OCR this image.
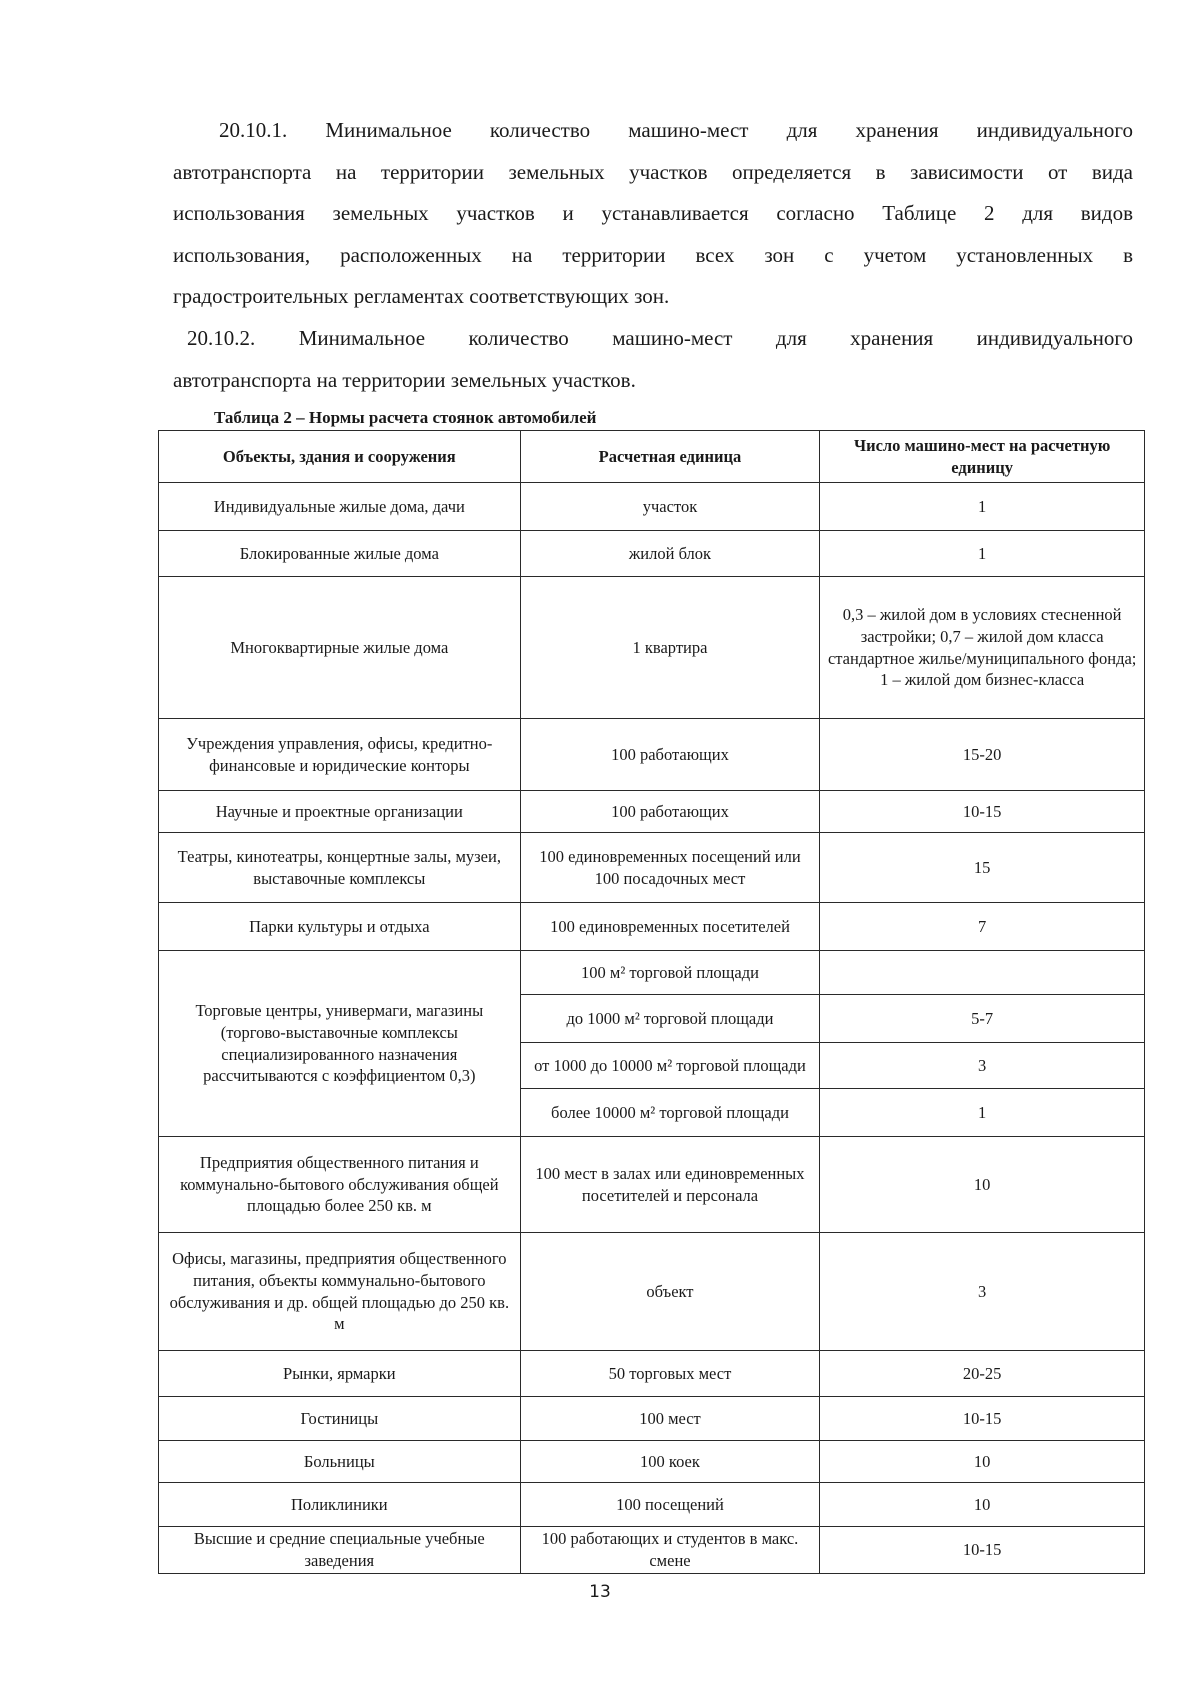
20.10.1. Минимальное количество машино-мест для хранения индивидуального
автотранспорта на территории земельных участков определяется в зависимости от вида
использования земельных участков и устанавливается согласно Таблице 2 для видов
использования, расположенных на территории всех зон с учетом установленных в
градостроительных регламентах соответствующих зон.
20.10.2. Минимальное количество машино-мест для хранения индивидуального
автотранспорта на территории земельных участков.
Таблица 2 – Нормы расчета стоянок автомобилей
Объекты, здания и сооружения	Расчетная единица	Число машино-мест на расчетную единицу
Индивидуальные жилые дома, дачи	участок	1
Блокированные жилые дома	жилой блок	1
Многоквартирные жилые дома	1 квартира	0,3 – жилой дом в условиях стесненной застройки; 0,7 – жилой дом класса стандартное жилье/муниципального фонда; 1 – жилой дом бизнес-класса
Учреждения управления, офисы, кредитно-финансовые и юридические конторы	100 работающих	15-20
Научные и проектные организации	100 работающих	10-15
Театры, кинотеатры, концертные залы, музеи, выставочные комплексы	100 единовременных посещений или 100 посадочных мест	15
Парки культуры и отдыха	100 единовременных посетителей	7
Торговые центры, универмаги, магазины (торгово-выставочные комплексы специализированного назначения рассчитываются с коэффициентом 0,3)	100 м² торговой площади	
	до 1000 м² торговой площади	5-7
	от 1000 до 10000 м² торговой площади	3
	более 10000 м² торговой площади	1
Предприятия общественного питания и коммунально-бытового обслуживания общей площадью более 250 кв. м	100 мест в залах или единовременных посетителей и персонала	10
Офисы, магазины, предприятия общественного питания, объекты коммунально-бытового обслуживания и др. общей площадью до 250 кв. м	объект	3
Рынки, ярмарки	50 торговых мест	20-25
Гостиницы	100 мест	10-15
Больницы	100 коек	10
Поликлиники	100 посещений	10
Высшие и средние специальные учебные заведения	100 работающих и студентов в макс. смене	10-15
13
